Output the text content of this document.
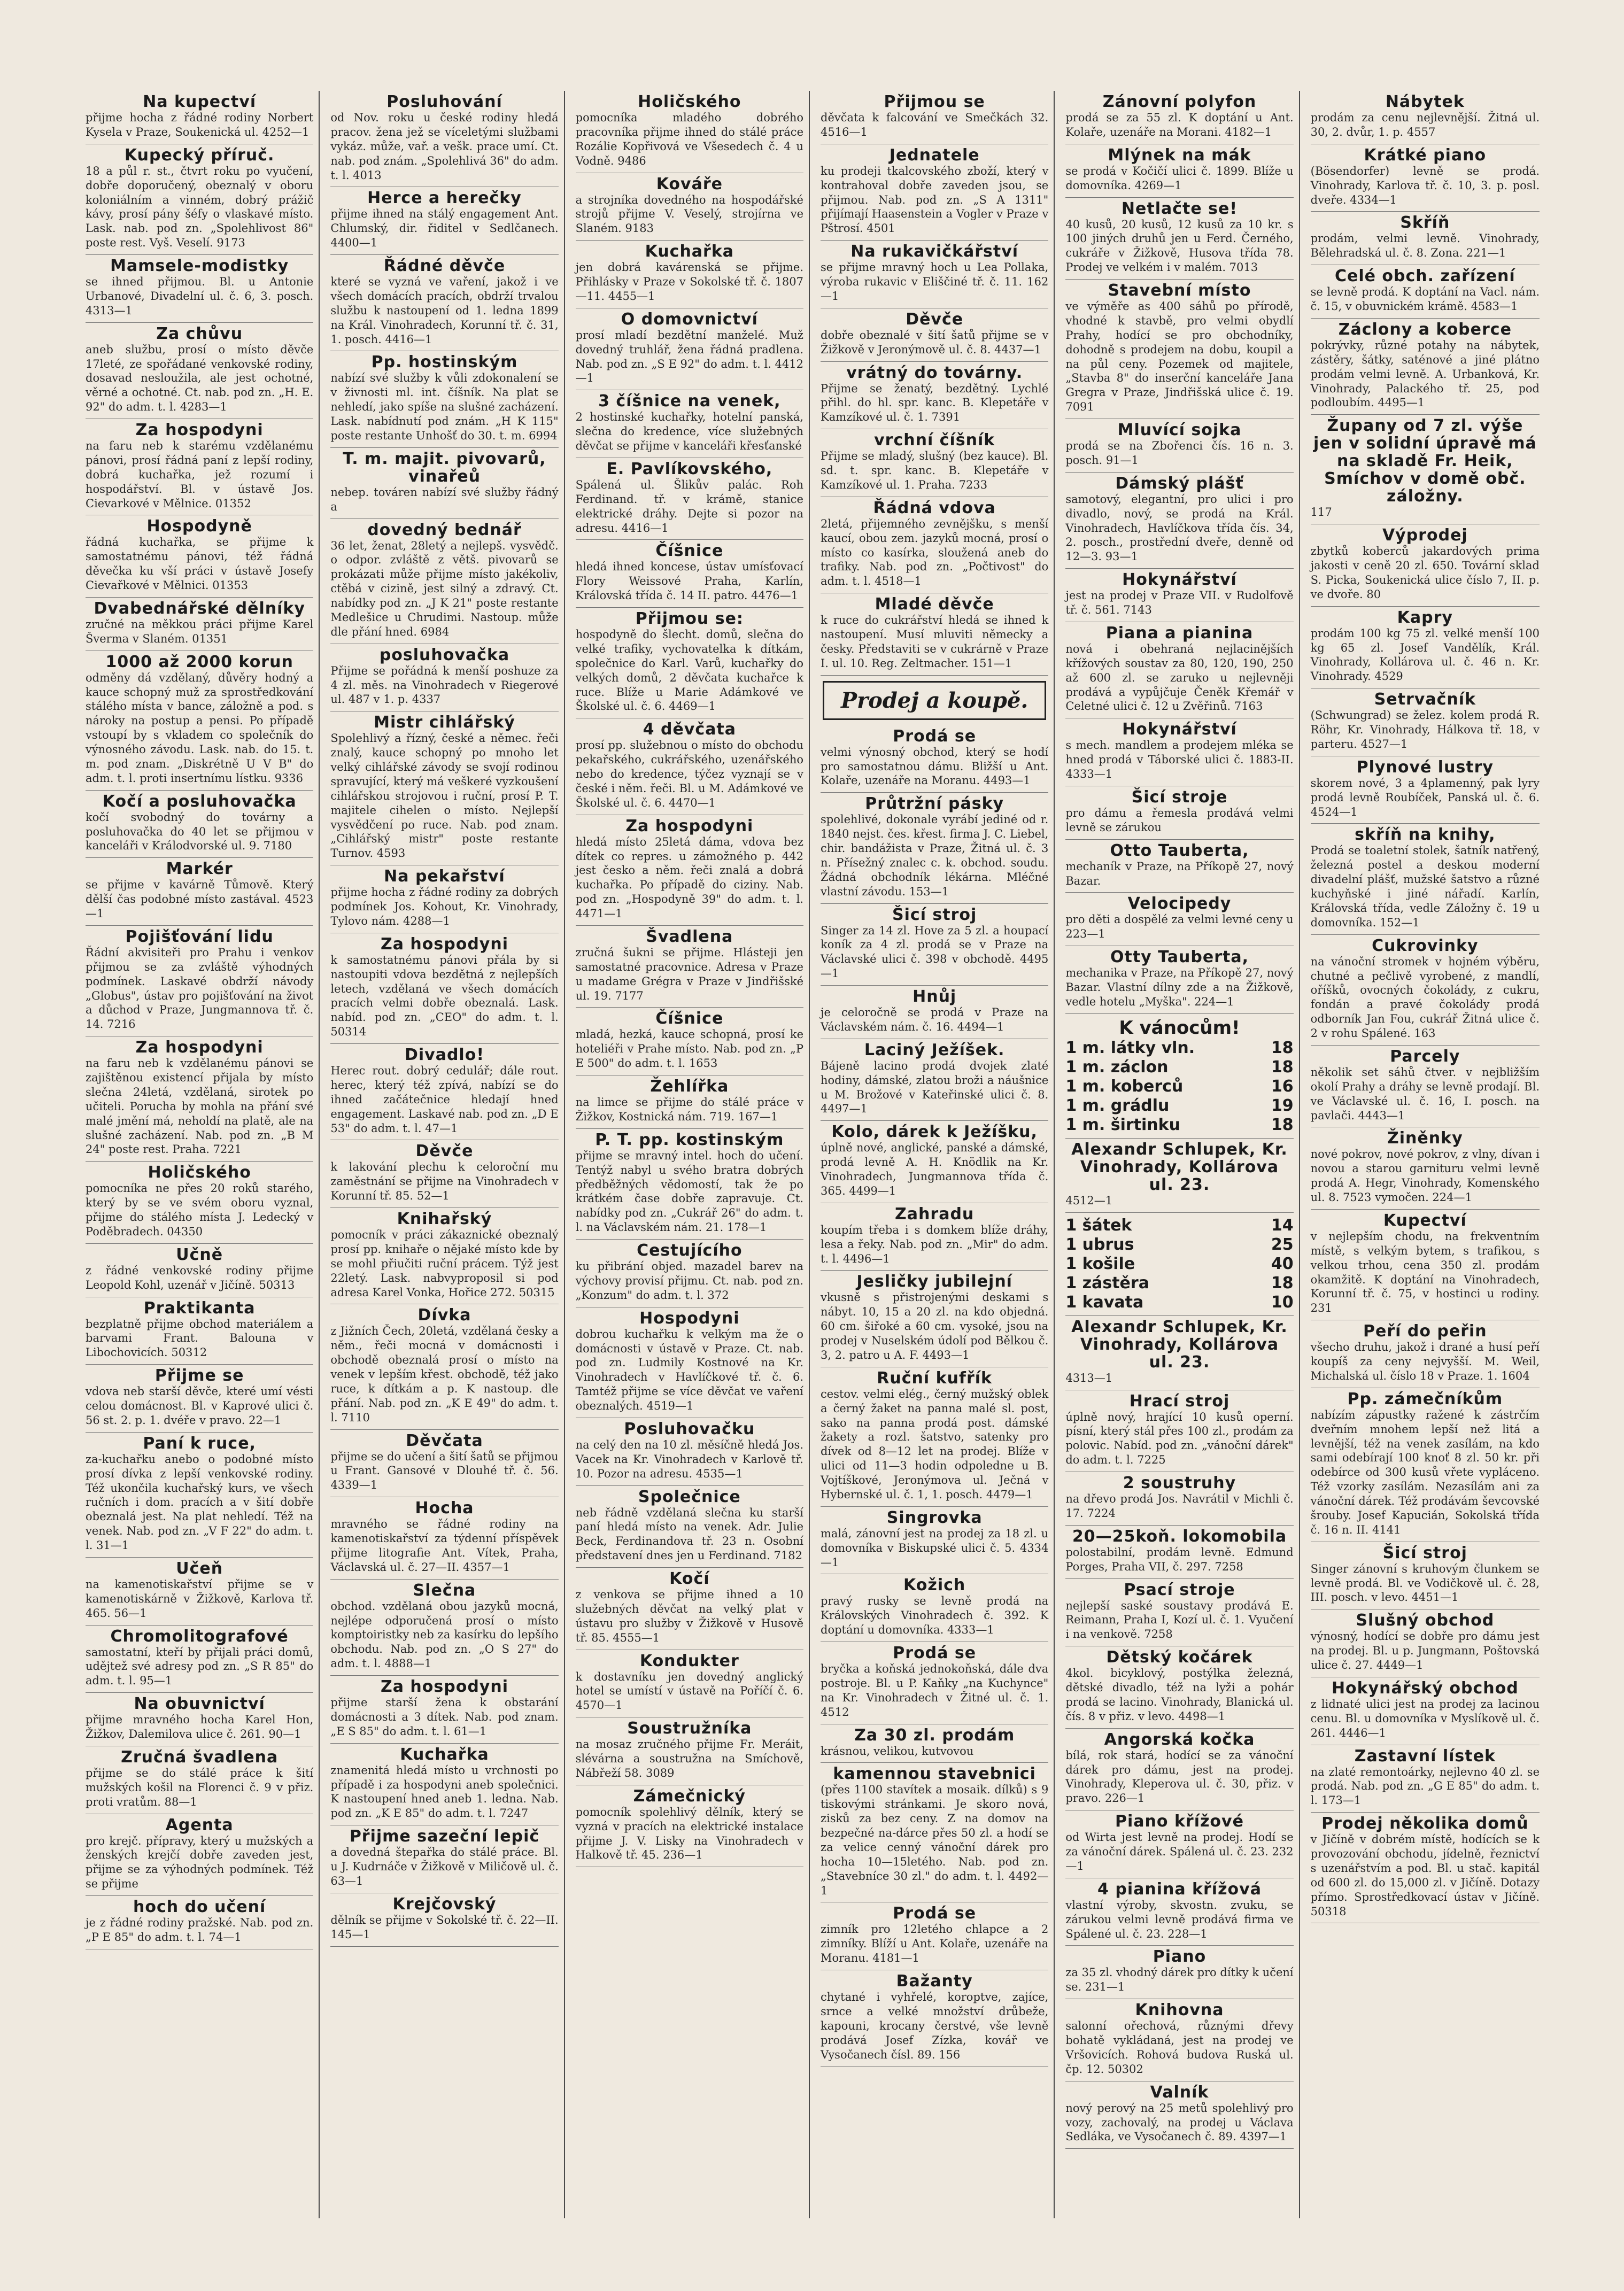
Na kupectví
přijme hocha z řádné rodiny Norbert Kysela v Praze, Soukenická ul. 4252—1
Kupecký příruč.
18 a půl r. st., čtvrt roku po vyučení, dobře doporučený, obeznalý v oboru koloniálním a vinném, dobrý prážič kávy, prosí pány šéfy o vlaskavé místo. Lask. nab. pod zn. „Spolehlivost 86" poste rest. Vyš. Veselí. 9173
Mamsele-modistky
se ihned přijmou. Bl. u Antonie Urbanové, Divadelní ul. č. 6, 3. posch. 4313—1
Za chůvu
aneb službu, prosí o místo děvče 17leté, ze spořádané venkovské rodiny, dosavad nesloužila, ale jest ochotné, věrné a ochotné. Ct. nab. pod zn. „H. E. 92" do adm. t. l. 4283—1
Za hospodyni
na faru neb k starému vzdělanému pánovi, prosí řádná paní z lepší rodiny, dobrá kuchařka, jež rozumí i hospodářství. Bl. v ústavě Jos. Cievarkové v Mělnice. 01352
Hospodyně
řádná kuchařka, se přijme k samostatnému pánovi, též řádná děvečka ku vší práci v ústavě Josefy Cievařkové v Mělnici. 01353
Dvabednářské dělníky
zručné na měkkou práci přijme Karel Šverma v Slaném. 01351
1000 až 2000 korun
odměny dá vzdělaný, důvěry hodný a kauce schopný muž za sprostředkování stálého místa v bance, záložně a pod. s nároky na postup a pensi. Po případě vstoupí by s vkladem co společník do výnosného závodu. Lask. nab. do 15. t. m. pod znam. „Diskrétně U V B" do adm. t. l. proti insertnímu lístku. 9336
Kočí a posluhovačka
kočí svobodný do továrny a posluhovačka do 40 let se přijmou v kanceláři v Králodvorské ul. 9. 7180
Markér
se přijme v kavárně Tůmově. Který dělší čas podobné místo zastával. 4523—1
Pojišťování lidu
Řádní akvisiteři pro Prahu i venkov přijmou se za zvláště výhodných podmínek. Laskavé obdrží návody „Globus", ústav pro pojišťování na život a důchod v Praze, Jungmannova tř. č. 14. 7216
Za hospodyni
na faru neb k vzdělanému pánovi se zajištěnou existencí přijala by místo slečna 24letá, vzdělaná, sirotek po učiteli. Porucha by mohla na přání své malé jmění má, neholdí na platě, ale na slušné zacházení. Nab. pod zn. „B M 24" poste rest. Praha. 7221
Holičského
pomocníka ne přes 20 roků starého, který by se ve svém oboru vyznal, přijme do stálého místa J. Ledecký v Poděbradech. 04350
Učně
z řádné venkovské rodiny přijme Leopold Kohl, uzenář v Jičíně. 50313
Praktikanta
bezplatně přijme obchod materiálem a barvami Frant. Balouna v Libochovicích. 50312
Přijme se
vdova neb starší děvče, které umí vésti celou domácnost. Bl. v Kaprové ulici č. 56 st. 2. p. 1. dvéře v pravo. 22—1
Paní k ruce,
za-kuchařku anebo o podobné místo prosí dívka z lepší venkovské rodiny. Též ukončila kuchařský kurs, ve všech ručních i dom. pracích a v šití dobře obeznalá jest. Na plat nehledí. Též na venek. Nab. pod zn. „V F 22" do adm. t. l. 31—1
Učeň
na kamenotiskařství přijme se v kamenotiskárně v Žižkově, Karlova tř. 465. 56—1
Chromolitografové
samostatní, kteří by přijali práci domů, udějtež své adresy pod zn. „S R 85" do adm. t. l. 95—1
Na obuvnictví
přijme mravného hocha Karel Hon, Žižkov, Dalemilova ulice č. 261. 90—1
Zručná švadlena
přijme se do stálé práce k šití mužských košil na Florenci č. 9 v přiz. proti vratům. 88—1
Agenta
pro krejč. přípravy, který u mužských a ženských krejčí dobře zaveden jest, přijme se za výhodných podmínek. Též se přijme
hoch do učení
je z řádné rodiny pražské. Nab. pod zn. „P E 85" do adm. t. l. 74—1
Posluhování
od Nov. roku u české rodiny hledá pracov. žena jež se víceletými službami vykáz. může, vař. a vešk. prace umí. Ct. nab. pod znám. „Spolehlivá 36" do adm. t. l. 4013
Herce a herečky
přijme ihned na stálý engagement Ant. Chlumský, dir. řiditel v Sedlčanech. 4400—1
Řádné děvče
které se vyzná ve vaření, jakož i ve všech domácích pracích, obdrží trvalou službu k nastoupení od 1. ledna 1899 na Král. Vinohradech, Korunní tř. č. 31, 1. posch. 4416—1
Pp. hostinským
nabízí své služby k vůli zdokonalení se v živnosti ml. int. číšník. Na plat se nehledí, jako spíše na slušné zacházení. Lask. nabídnutí pod znám. „H K 115" poste restante Unhošť do 30. t. m. 6994
T. m. majit. pivovarů, vinařeů
nebep. továren nabízí své služby řádný a
dovedný bednář
36 let, ženat, 28letý a nejlepš. vysvědč. o odpor. zvláště z větš. pivovarů se prokázati může přijme místo jakékoliv, ctěbá v cizině, jest silný a zdravý. Ct. nabídky pod zn. „J K 21" poste restante Medlešice u Chrudimi. Nastoup. může dle přání hned. 6984
posluhovačka
Přijme se pořádná k menší poshuze za 4 zl. měs. na Vinohradech v Riegerové ul. 487 v 1. p. 4337
Mistr cihlářský
Spolehlivý a řízný, české a němec. řeči znalý, kauce schopný po mnoho let velký cihlářské závody se svojí rodinou spravující, který má veškeré vyzkoušení cihlářskou strojovou i ruční, prosí P. T. majitele cihelen o místo. Nejlepší vysvědčení po ruce. Nab. pod znam. „Cihlářský mistr" poste restante Turnov. 4593
Na pekařství
přijme hocha z řádné rodiny za dobrých podmínek Jos. Kohout, Kr. Vinohrady, Tylovo nám. 4288—1
Za hospodyni
k samostatnému pánovi přála by si nastoupiti vdova bezdětná z nejlepších letech, vzdělaná ve všech domácích pracích velmi dobře obeznalá. Lask. nabíd. pod zn. „CEO" do adm. t. l. 50314
Divadlo!
Herec rout. dobrý cedulář; dále rout. herec, který též zpívá, nabízí se do ihned začátečnice hledají hned engagement. Laskavé nab. pod zn. „D E 53" do adm. t. l. 47—1
Děvče
k lakování plechu k celoroční mu zaměstnání se přijme na Vinohradech v Korunní tř. 85. 52—1
Knihařský
pomocník v práci zákaznické obeznalý prosí pp. knihaře o nějaké místo kde by se mohl přiučiti ruční prácem. Týž jest 22letý. Lask. nabvyproposil si pod adresa Karel Vonka, Hořice 272. 50315
Dívka
z Jižních Čech, 20letá, vzdělaná česky a něm., řeči mocná v domácnosti i obchodě obeznalá prosí o místo na venek v lepším křest. obchodě, též jako ruce, k dítkám a p. K nastoup. dle přání. Nab. pod zn. „K E 49" do adm. t. l. 7110
Děvčata
přijme se do učení a šití šatů se přijmou u Frant. Gansové v Dlouhé tř. č. 56. 4339—1
Hocha
mravného se řádné rodiny na kamenotiskařství za týdenní příspěvek přijme litografie Ant. Vítek, Praha, Václavská ul. č. 27—II. 4357—1
Slečna
obchod. vzdělaná obou jazyků mocná, nejlépe odporučená prosí o místo komptoiristky neb za kasírku do lepšího obchodu. Nab. pod zn. „O S 27" do adm. t. l. 4888—1
Za hospodyni
přijme starší žena k obstarání domácnosti a 3 dítek. Nab. pod znam. „E S 85" do adm. t. l. 61—1
Kuchařka
znamenitá hledá místo u vrchnosti po případě i za hospodyni aneb společnici. K nastoupení hned aneb 1. ledna. Nab. pod zn. „K E 85" do adm. t. l. 7247
Přijme sazeční lepič
a dovedná štepařka do stálé práce. Bl. u J. Kudrnáče v Žižkově v Miličově ul. č. 63—1
Krejčovský
dělník se přijme v Sokolské tř. č. 22—II. 145—1
Holičského
pomocníka mladého dobrého pracovníka přijme ihned do stálé práce Rozálie Kopřivová ve Všesedech č. 4 u Vodně. 9486
Kováře
a strojníka dovedného na hospodářské strojů přijme V. Veselý, strojírna ve Slaném. 9183
Kuchařka
jen dobrá kavárenská se přijme. Přihlásky v Praze v Sokolské tř. č. 1807—11. 4455—1
O domovnictví
prosí mladí bezdětní manželé. Muž dovedný truhlář, žena řádná pradlena. Nab. pod zn. „S E 92" do adm. t. l. 4412—1
3 číšnice na venek,
2 hostinské kuchařky, hotelní panská, slečna do kredence, více služebných děvčat se přijme v kanceláři křesťanské
E. Pavlíkovského,
Spálená ul. Šlikův palác. Roh Ferdinand. tř. v krámě, stanice elektrické dráhy. Dejte si pozor na adresu. 4416—1
Číšnice
hledá ihned koncese, ústav umísťovací Flory Weissové Praha, Karlín, Královská třída č. 14 II. patro. 4476—1
Přijmou se:
hospodyně do šlecht. domů, slečna do velké trafiky, vychovatelka k dítkám, společnice do Karl. Varů, kuchařky do velkých domů, 2 děvčata kuchařce k ruce. Blíže u Marie Adámkové ve Školské ul. č. 6. 4469—1
4 děvčata
prosí pp. služebnou o místo do obchodu pekařského, cukrářského, uzenářského nebo do kredence, týčez vyznají se v české i něm. řeči. Bl. u M. Adámkové ve Školské ul. č. 6. 4470—1
Za hospodyni
hledá místo 25letá dáma, vdova bez dítek co repres. u zámožného p. 442 jest česko a něm. řeči znalá a dobrá kuchařka. Po případě do ciziny. Nab. pod zn. „Hospodyně 39" do adm. t. l. 4471—1
Švadlena
zručná šukni se přijme. Hlásteji jen samostatné pracovnice. Adresa v Praze u madame Grégra v Praze v Jindřišské ul. 19. 7177
Číšnice
mladá, hezká, kauce schopná, prosí ke hoteliéři v Prahe místo. Nab. pod zn. „P E 500" do adm. t. l. 1653
Žehlířka
na limce se přijme do stálé práce v Žižkov, Kostnická nám. 719. 167—1
P. T. pp. kostinským
přijme se mravný intel. hoch do učení. Tentýž nabyl u svého bratra dobrých předběžných vědomostí, tak že po krátkém čase dobře zapravuje. Ct. nabídky pod zn. „Cukrář 26" do adm. t. l. na Václavském nám. 21. 178—1
Cestujícího
ku přibrání objed. mazadel barev na výchovy provisí přijmu. Ct. nab. pod zn. „Konzum" do adm. t. l. 372
Hospodyni
dobrou kuchařku k velkým ma že o domácnosti v ústavě v Praze. Ct. nab. pod zn. Ludmily Kostnové na Kr. Vinohradech v Havlíčkové tř. č. 6. Tamtéž přijme se více děvčat ve vaření obeznalých. 4519—1
Posluhovačku
na celý den na 10 zl. měsíčně hledá Jos. Vacek na Kr. Vinohradech v Karlově tř. 10. Pozor na adresu. 4535—1
Společnice
neb řádně vzdělaná slečna ku starší paní hledá místo na venek. Adr. Julie Beck, Ferdinandova tř. 23 n. Osobní představení dnes jen u Ferdinand. 7182
Kočí
z venkova se přijme ihned a 10 služebných děvčat na velký plat v ústavu pro služby v Žižkově v Husově tř. 85. 4555—1
Kondukter
k dostavníku jen dovedný anglický hotel se umístí v ústavě na Poříčí č. 6. 4570—1
Soustružníka
na mosaz zručného přijme Fr. Meráit, slévárna a soustružna na Smíchově, Nábřeží 58. 3089
Zámečnický
pomocník spolehlivý dělník, který se vyzná v pracích na elektrické instalace přijme J. V. Lisky na Vinohradech v Halkově tř. 45. 236—1
Přijmou se
děvčata k falcování ve Smečkách 32. 4516—1
Jednatele
ku prodeji tkalcovského zboží, který v kontrahoval dobře zaveden jsou, se přijmou. Nab. pod zn. „S A 1311" přijímají Haasenstein a Vogler v Praze v Pštrosí. 4501
Na rukavičkářství
se přijme mravný hoch u Lea Pollaka, výroba rukavic v Eliščiné tř. č. 11. 162—1
Děvče
dobře obeznalé v šití šatů přijme se v Žižkově v Jeronýmově ul. č. 8. 4437—1
vrátný do továrny.
Přijme se ženatý, bezdětný. Lychlé přihl. do hl. spr. kanc. B. Klepetáře v Kamzíkové ul. č. 1. 7391
vrchní číšník
Přijme se mladý, slušný (bez kauce). Bl. sd. t. spr. kanc. B. Klepetáře v Kamzíkové ul. 1. Praha. 7233
Řádná vdova
2letá, přijemného zevnějšku, s menší kaucí, obou zem. jazyků mocná, prosí o místo co kasírka, sloužená aneb do trafiky. Nab. pod zn. „Počtivost" do adm. t. l. 4518—1
Mladé děvče
k ruce do cukrářství hledá se ihned k nastoupení. Musí mluviti německy a česky. Představiti se v cukrárně v Praze I. ul. 10. Reg. Zeltmacher. 151—1
Prodej a koupě.
Prodá se
velmi výnosný obchod, který se hodí pro samostatnou dámu. Bližší u Ant. Kolaře, uzenáře na Moranu. 4493—1
Průtržní pásky
spolehlivé, dokonale vyrábí jediné od r. 1840 nejst. čes. křest. firma J. C. Liebel, chir. bandážista v Praze, Žitná ul. č. 3 n. Přísežný znalec c. k. obchod. soudu. Žádná obchodník lékárna. Mléčné vlastní závodu. 153—1
Šicí stroj
Singer za 14 zl. Hove za 5 zl. a houpací koník za 4 zl. prodá se v Praze na Václavské ulici č. 398 v obchodě. 4495—1
Hnůj
je celoročně se prodá v Praze na Václavském nám. č. 16. 4494—1
Laciný Ježíšek.
Bájeně lacino prodá dvojek zlaté hodiny, dámské, zlatou broži a náušnice u M. Brožové v Kateřinské ulici č. 8. 4497—1
Kolo, dárek k Ježíšku,
úplně nové, anglické, panské a dámské, prodá levně A. H. Knödlik na Kr. Vinohradech, Jungmannova třída č. 365. 4499—1
Zahradu
koupím třeba i s domkem blíže dráhy, lesa a řeky. Nab. pod zn. „Mir" do adm. t. l. 4496—1
Jesličky jubilejní
vkusně s přistrojenými deskami s nábyt. 10, 15 a 20 zl. na kdo objedná. 60 cm. šiřoké a 60 cm. vysoké, jsou na prodej v Nuselském údolí pod Bělkou č. 3, 2. patro u A. F. 4493—1
Ruční kufřík
cestov. velmi elég., černý mužský oblek a černý žaket na panna malé sl. post, sako na panna prodá post. dámské žakety a rozl. šatstvo, satenky pro dívek od 8—12 let na prodej. Blíže v ulici od 11—3 hodin odpoledne u B. Vojtíškové, Jeronýmova ul. Ječná v Hybernské ul. č. 1, 1. posch. 4479—1
Singrovka
malá, zánovní jest na prodej za 18 zl. u domovníka v Biskupské ulici č. 5. 4334—1
Kožich
pravý rusky se levně prodá na Královských Vinohradech č. 392. K doptání u domovníka. 4333—1
Prodá se
bryčka a koňská jednokoňská, dále dva postroje. Bl. u P. Kaňky „na Kuchynce" na Kr. Vinohradech v Žitné ul. č. 1. 4512
Za 30 zl. prodám
krásnou, velikou, kutvovou
kamennou stavebnici
(přes 1100 stavítek a mosaik. dílků) s 9 tiskovými stránkami. Je skoro nová, zisků za bez ceny. Z na domov na bezpečné na-dárce přes 50 zl. a hodí se za velice cenný vánoční dárek pro hocha 10—15letého. Nab. pod zn. „Stavebníce 30 zl." do adm. t. l. 4492—1
Prodá se
zimník pro 12letého chlapce a 2 zimníky. Blíží u Ant. Kolaře, uzenáře na Moranu. 4181—1
Bažanty
chytané i vyhřelé, koroptve, zajíce, srnce a velké množství drůbeže, kapouni, krocany čerstvé, vše levně prodává Josef Zízka, kovář ve Vysočanech čísl. 89. 156
Zánovní polyfon
prodá se za 55 zl. K doptání u Ant. Kolaře, uzenáře na Morani. 4182—1
Mlýnek na mák
se prodá v Kočičí ulici č. 1899. Blíže u domovníka. 4269—1
Netlačte se!
40 kusů, 20 kusů, 12 kusů za 10 kr. s 100 jiných druhů jen u Ferd. Černého, cukráře v Žižkově, Husova třída 78. Prodej ve velkém i v malém. 7013
Stavební místo
ve výměře as 400 sáhů po přírodě, vhodné k stavbě, pro velmi obydlí Prahy, hodící se pro obchodníky, dohodně s prodejem na dobu, koupil a na půl ceny. Pozemek od majitele, „Stavba 8" do inserční kanceláře Jana Gregra v Praze, Jindřišská ulice č. 19. 7091
Mluvící sojka
prodá se na Zbořenci čís. 16 n. 3. posch. 91—1
Dámský plášť
samotový, elegantní, pro ulici i pro divadlo, nový, se prodá na Král. Vinohradech, Havlíčkova třída čís. 34, 2. posch., prostřední dveře, denně od 12—3. 93—1
Hokynářství
jest na prodej v Praze VII. v Rudolfově tř. č. 561. 7143
Piana a pianina
nová i obehraná nejlacinějších křížových soustav za 80, 120, 190, 250 až 600 zl. se zaruko u nejlevněji prodává a vypůjčuje Čeněk Křemář v Celetné ulici č. 12 u Zvěřinů. 7163
Hokynářství
s mech. mandlem a prodejem mléka se hned prodá v Táborské ulici č. 1883-II. 4333—1
Šicí stroje
pro dámu a řemesla prodává velmi levně se zárukou
Otto Tauberta,
mechaník v Praze, na Příkopě 27, nový Bazar.
Velocipedy
pro děti a dospělé za velmi levné ceny u 223—1
Otty Tauberta,
mechanika v Praze, na Příkopě 27, nový Bazar. Vlastní dílny zde a na Žižkově, vedle hotelu „Myška". 224—1
K vánocům!
1 m. látky vln.	18
1 m. záclon	18
1 m. koberců	16
1 m. grádlu	19
1 m. širtinku	18
Alexandr Schlupek, Kr. Vinohrady, Kollárova ul. 23.
4512—1
1 šátek	14
1 ubrus	25
1 košile	40
1 zástěra	18
1 kavata	10
Alexandr Schlupek, Kr. Vinohrady, Kollárova ul. 23.
4313—1
Hrací stroj
úplně nový, hrající 10 kusů operní. písní, který stál přes 100 zl., prodám za polovic. Nabíd. pod zn. „vánoční dárek" do adm. t. l. 7225
2 soustruhy
na dřevo prodá Jos. Navrátil v Michli č. 17. 7224
20—25koň. lokomobila
polostabilní, prodám levně. Edmund Porges, Praha VII, č. 297. 7258
Psací stroje
nejlepší saské soustavy prodává E. Reimann, Praha I, Kozí ul. č. 1. Vyučení i na venkově. 7258
Dětský kočárek
4kol. bicyklový, postýlka železná, dětské divadlo, též na lyži a pohár prodá se lacino. Vinohrady, Blanická ul. čís. 8 v přiz. v levo. 4498—1
Angorská kočka
bílá, rok stará, hodící se za vánoční dárek pro dámu, jest na prodej. Vinohrady, Kleperova ul. č. 30, přiz. v pravo. 226—1
Piano křížové
od Wirta jest levně na prodej. Hodí se za vánoční dárek. Spálená ul. č. 23. 232—1
4 pianina křížová
vlastní výroby, skvostn. zvuku, se zárukou velmi levně prodává firma ve Spálené ul. č. 23. 228—1
Piano
za 35 zl. vhodný dárek pro dítky k učení se. 231—1
Knihovna
salonní ořechová, různými dřevy bohatě vykládaná, jest na prodej ve Vršovicích. Rohová budova Ruská ul. čp. 12. 50302
Valník
nový perový na 25 metů spolehlivý pro vozy, zachovalý, na prodej u Václava Sedláka, ve Vysočanech č. 89. 4397—1
Nábytek
prodám za cenu nejlevnější. Žitná ul. 30, 2. dvůr, 1. p. 4557
Krátké piano
(Bösendorfer) levně se prodá. Vinohrady, Karlova tř. č. 10, 3. p. posl. dveře. 4334—1
Skříň
prodám, velmi levně. Vinohrady, Bělehradská ul. č. 8. Zona. 221—1
Celé obch. zařízení
se levně prodá. K doptání na Vacl. nám. č. 15, v obuvnickém krámě. 4583—1
Záclony a koberce
pokrývky, různé potahy na nábytek, zástěry, šátky, saténové a jiné plátno prodám velmi levně. A. Urbanková, Kr. Vinohrady, Palackého tř. 25, pod podloubím. 4495—1
Župany od 7 zl. výše jen v solidní úpravě má na skladě Fr. Heik, Smíchov v domě obč. záložny.
117
Výprodej
zbytků koberců jakardových prima jakosti v ceně 20 zl. 650. Tovární sklad S. Picka, Soukenická ulice číslo 7, II. p. ve dvoře. 80
Kapry
prodám 100 kg 75 zl. velké menší 100 kg 65 zl. Josef Vandělík, Král. Vinohrady, Kollárova ul. č. 46 n. Kr. Vinohrady. 4529
Setrvačník
(Schwungrad) se želez. kolem prodá R. Röhr, Kr. Vinohrady, Hálkova tř. 18, v parteru. 4527—1
Plynové lustry
skorem nové, 3 a 4plamenný, pak lyry prodá levně Roubíček, Panská ul. č. 6. 4524—1
skříň na knihy,
Prodá se toaletní stolek, šatník natřený, železná postel a deskou moderní divadelní plášť, mužské šatstvo a různé kuchyňské i jiné nářadí. Karlín, Královská třída, vedle Záložny č. 19 u domovníka. 152—1
Cukrovinky
na vánoční stromek v hojném výběru, chutné a pečlivě vyrobené, z mandlí, oříšků, ovocných čokolády, z cukru, fondán a pravé čokolády prodá odborník Jan Fou, cukrář Žitná ulice č. 2 v rohu Spálené. 163
Parcely
několik set sáhů čtver. v nejbližším okolí Prahy a dráhy se levně prodají. Bl. ve Václavské ul. č. 16, I. posch. na pavlači. 4443—1
Žiněnky
nové pokrov, nové pokrov, z vlny, dívan i novou a starou garnituru velmi levně prodá A. Hegr, Vinohrady, Komenského ul. 8. 7523 vymočen. 224—1
Kupectví
v nejlepším chodu, na frekventním místě, s velkým bytem, s trafikou, s velkou trhou, cena 350 zl. prodám okamžitě. K doptání na Vinohradech, Korunní tř. č. 75, v hostinci u rodiny. 231
Peří do peřin
všecho druhu, jakož i drané a husí peří koupíš za ceny nejvyšší. M. Weil, Michalská ul. číslo 18 v Praze. 1. 1604
Pp. zámečníkům
nabízím zápustky ražené k zástrčím dveřním mnohem lepší než litá a levnější, též na venek zasílám, na kdo sami odebírají 100 knoť 8 zl. 50 kr. při odebírce od 300 kusů vřete vypláceno. Též vzorky zasílám. Nezasílám ani za vánoční dárek. Též prodávám ševcovské šrouby. Josef Kapucián, Sokolská třída č. 16 n. II. 4141
Šicí stroj
Singer zánovní s kruhovým člunkem se levně prodá. Bl. ve Vodičkově ul. č. 28, III. posch. v levo. 4451—1
Slušný obchod
výnosný, hodící se dobře pro dámu jest na prodej. Bl. u p. Jungmann, Poštovská ulice č. 27. 4449—1
Hokynářský obchod
z lidnaté ulici jest na prodej za lacinou cenu. Bl. u domovníka v Myslíkově ul. č. 261. 4446—1
Zastavní lístek
na zlaté remontoárky, nejlevno 40 zl. se prodá. Nab. pod zn. „G E 85" do adm. t. l. 173—1
Prodej několika domů
v Jičíně v dobrém místě, hodících se k provozování obchodu, jídelně, řeznictví s uzenářstvím a pod. Bl. u stač. kapitál od 600 zl. do 15,000 zl. v Jičíně. Dotazy přímo. Sprostředkovací ústav v Jičíně. 50318
